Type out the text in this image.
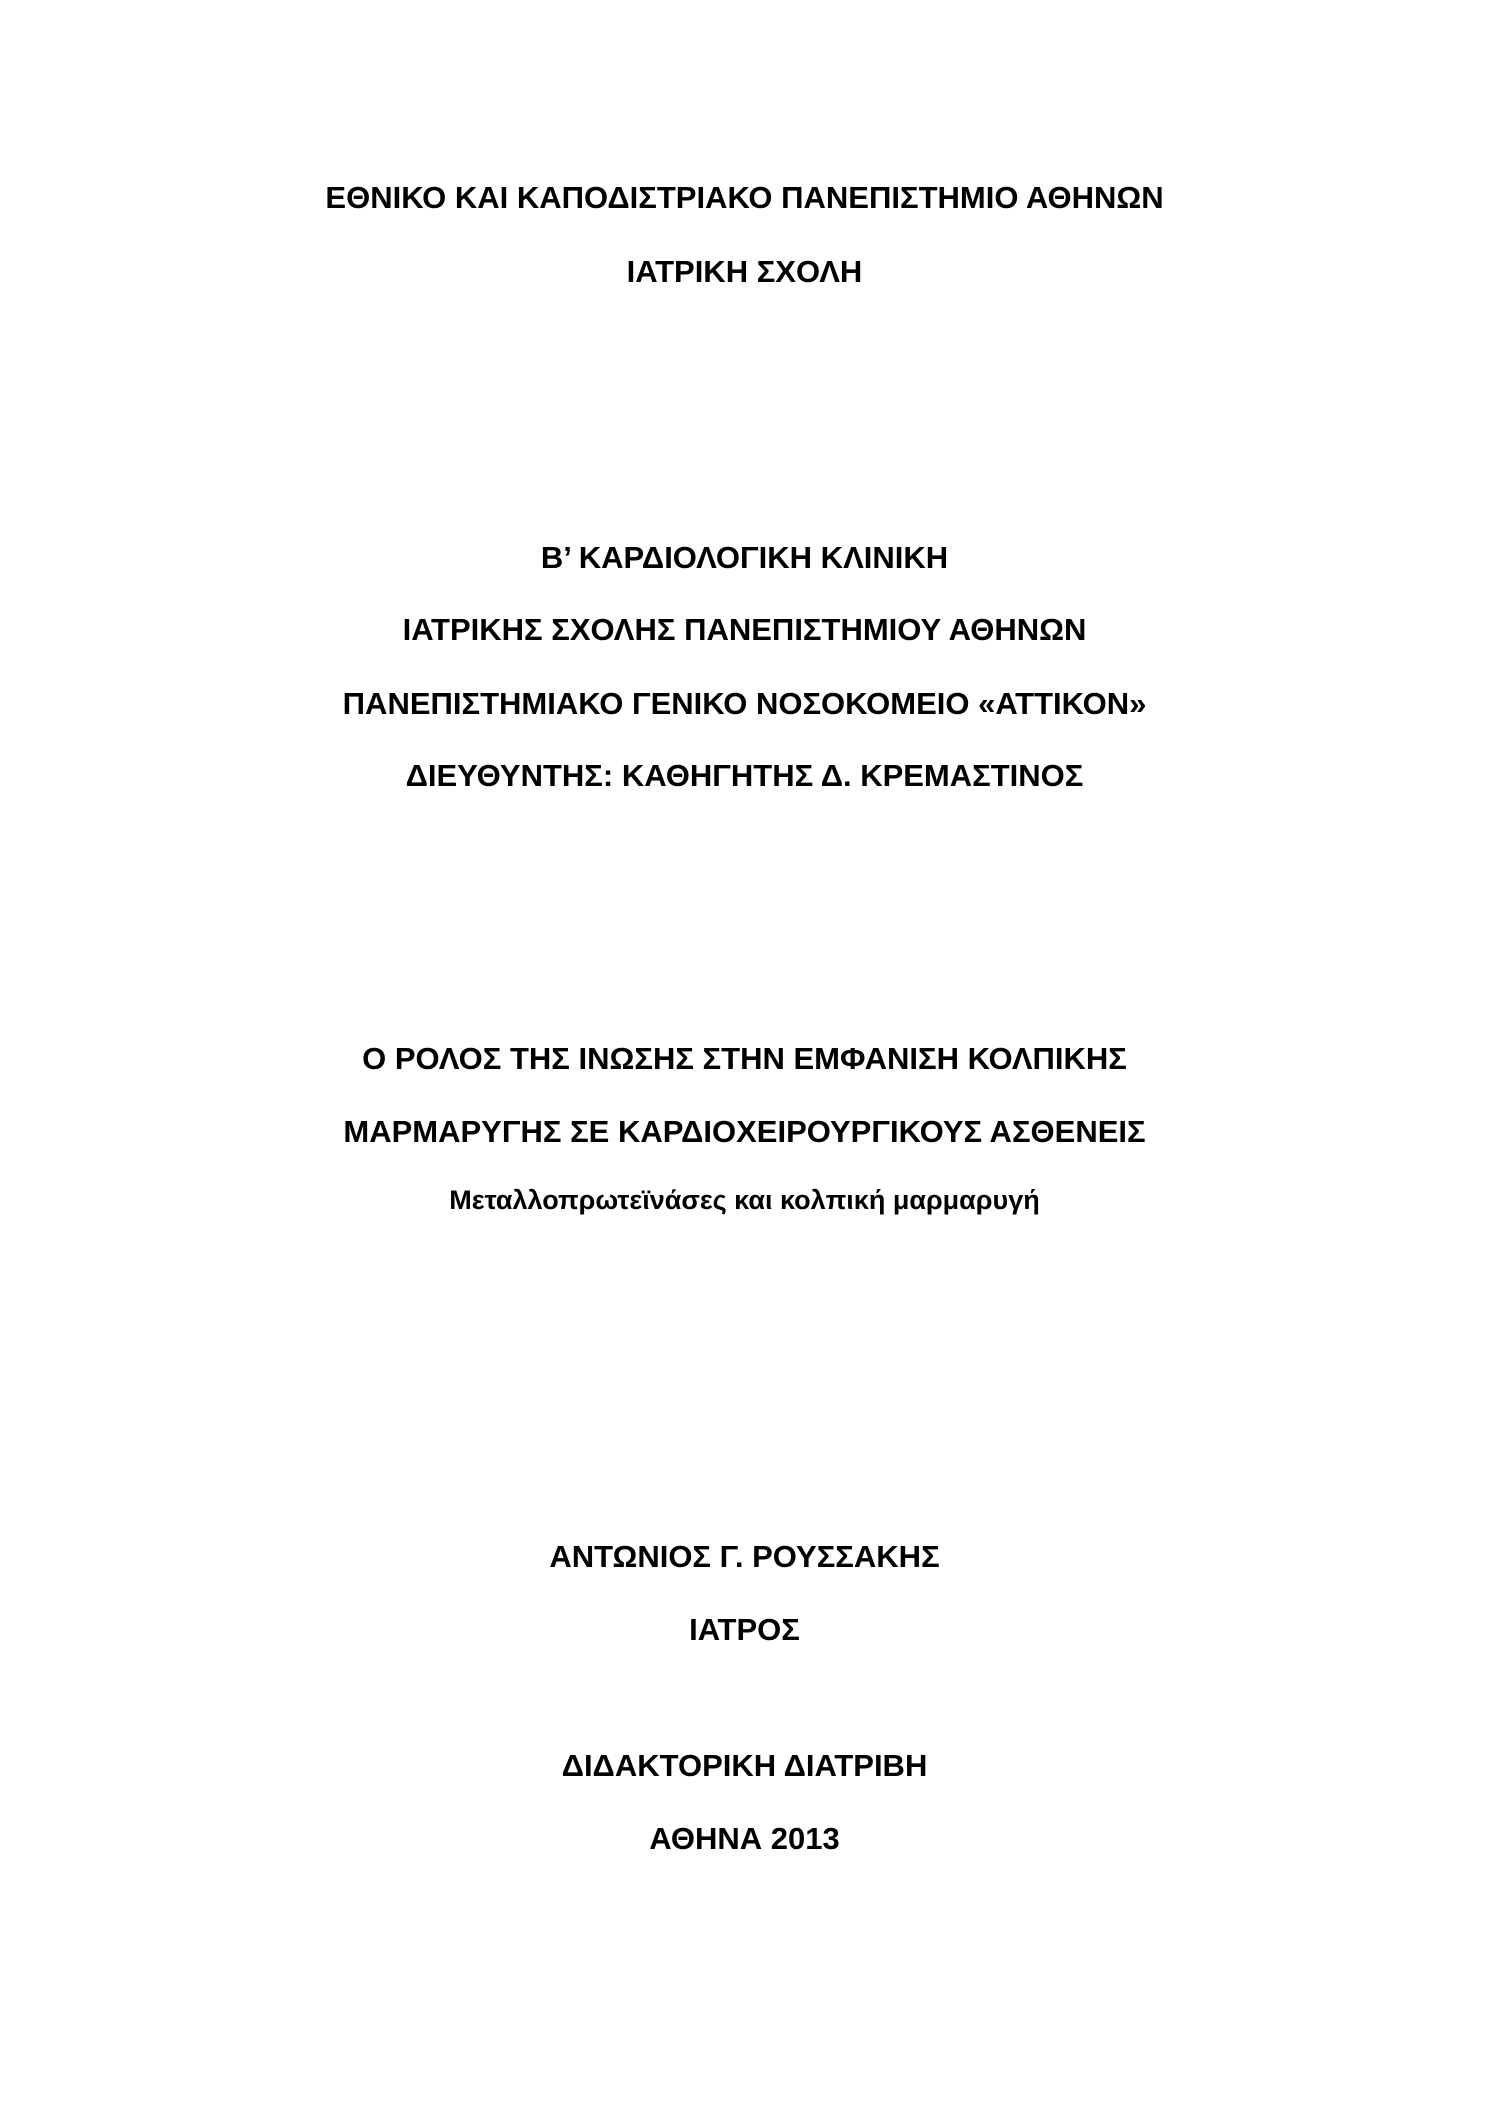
ΕΘΝΙΚΟ ΚΑΙ ΚΑΠΟΔΙΣΤΡΙΑΚΟ ΠΑΝΕΠΙΣΤΗΜΙΟ ΑΘΗΝΩΝ
ΙΑΤΡΙΚΗ ΣΧΟΛΗ
Β’ ΚΑΡΔΙΟΛΟΓΙΚΗ ΚΛΙΝΙΚΗ
ΙΑΤΡΙΚΗΣ ΣΧΟΛΗΣ ΠΑΝΕΠΙΣΤΗΜΙΟΥ ΑΘΗΝΩΝ
ΠΑΝΕΠΙΣΤΗΜΙΑΚΟ ΓΕΝΙΚΟ ΝΟΣΟΚΟΜΕΙΟ «ΑΤΤΙΚΟΝ»
ΔΙΕΥΘΥΝΤΗΣ: ΚΑΘΗΓΗΤΗΣ Δ. ΚΡΕΜΑΣΤΙΝΟΣ
Ο ΡΟΛΟΣ ΤΗΣ ΙΝΩΣΗΣ ΣΤΗΝ ΕΜΦΑΝΙΣΗ ΚΟΛΠΙΚΗΣ
ΜΑΡΜΑΡΥΓΗΣ ΣΕ ΚΑΡΔΙΟΧΕΙΡΟΥΡΓΙΚΟΥΣ ΑΣΘΕΝΕΙΣ
Μεταλλοπρωτεϊνάσες και κολπική μαρμαρυγή
ΑΝΤΩΝΙΟΣ Γ. ΡΟΥΣΣΑΚΗΣ
ΙΑΤΡΟΣ
ΔΙΔΑΚΤΟΡΙΚΗ ΔΙΑΤΡΙΒΗ
ΑΘΗΝΑ 2013
